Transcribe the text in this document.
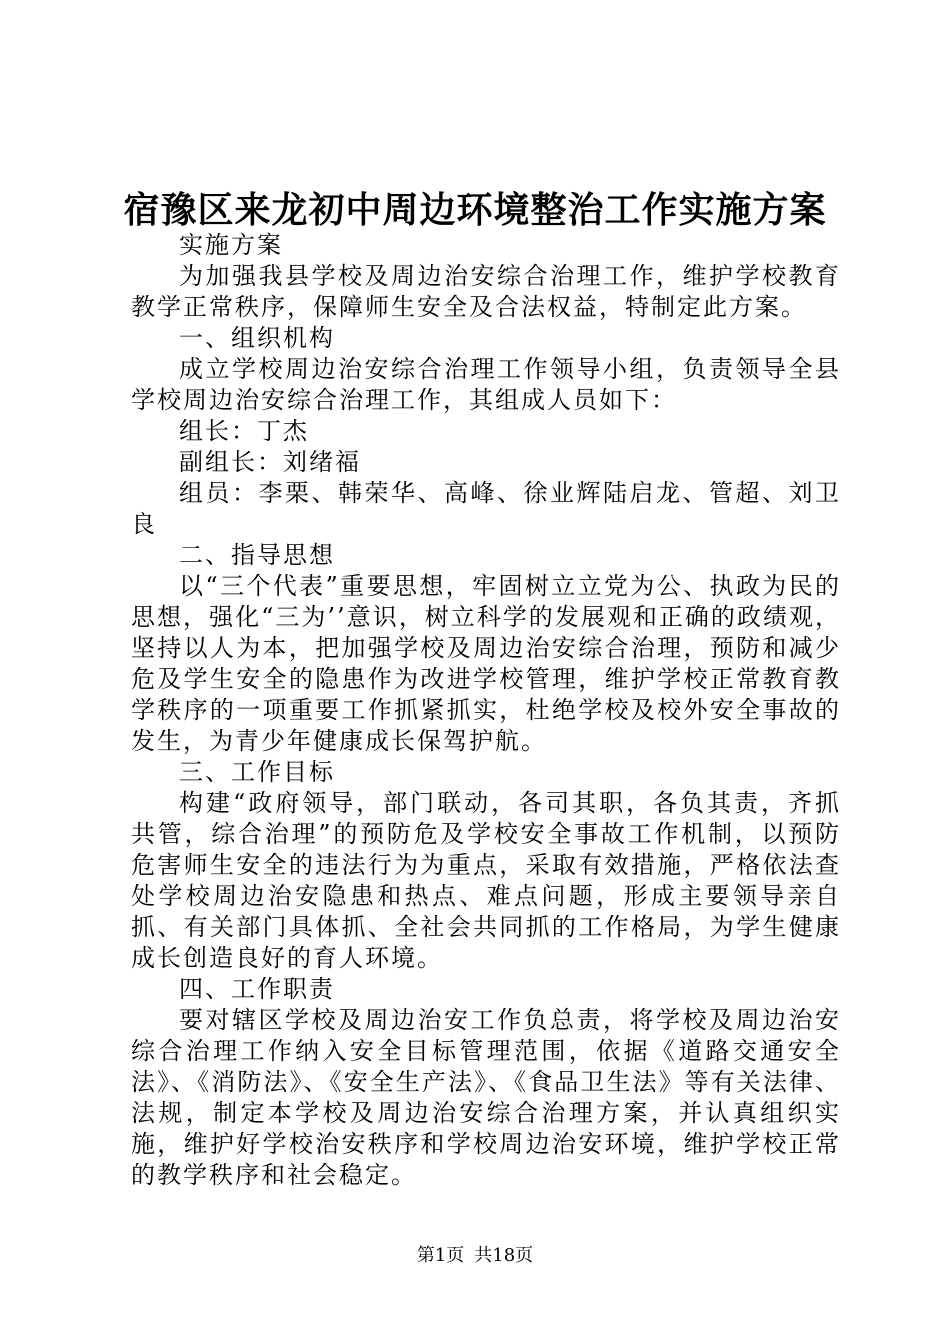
宿豫区来龙初中周边环境整治工作实施方案

实施方案

为加强我县学校及周边治安综合治理工作，维护学校教育教学正常秩序，保障师生安全及合法权益，特制定此方案。

一、组织机构

成立学校周边治安综合治理工作领导小组，负责领导全县学校周边治安综合治理工作，其组成人员如下：

组长：丁杰

副组长：刘绪福

组员：李栗、韩荣华、高峰、徐业辉陆启龙、管超、刘卫良

二、指导思想

以“三个代表”重要思想，牢固树立立党为公、执政为民的思想，强化“三为’’意识，树立科学的发展观和正确的政绩观，坚持以人为本，把加强学校及周边治安综合治理，预防和减少危及学生安全的隐患作为改进学校管理，维护学校正常教育教学秩序的一项重要工作抓紧抓实，杜绝学校及校外安全事故的发生，为青少年健康成长保驾护航。

三、工作目标

构建“政府领导，部门联动，各司其职，各负其责，齐抓共管，综合治理”的预防危及学校安全事故工作机制，以预防危害师生安全的违法行为为重点，采取有效措施，严格依法查处学校周边治安隐患和热点、难点问题，形成主要领导亲自抓、有关部门具体抓、全社会共同抓的工作格局，为学生健康成长创造良好的育人环境。

四、工作职责

要对辖区学校及周边治安工作负总责，将学校及周边治安综合治理工作纳入安全目标管理范围，依据《道路交通安全法》、《消防法》、《安全生产法》、《食品卫生法》等有关法律、法规，制定本学校及周边治安综合治理方案，并认真组织实施，维护好学校治安秩序和学校周边治安环境，维护学校正常的教学秩序和社会稳定。

第1页 共18页
